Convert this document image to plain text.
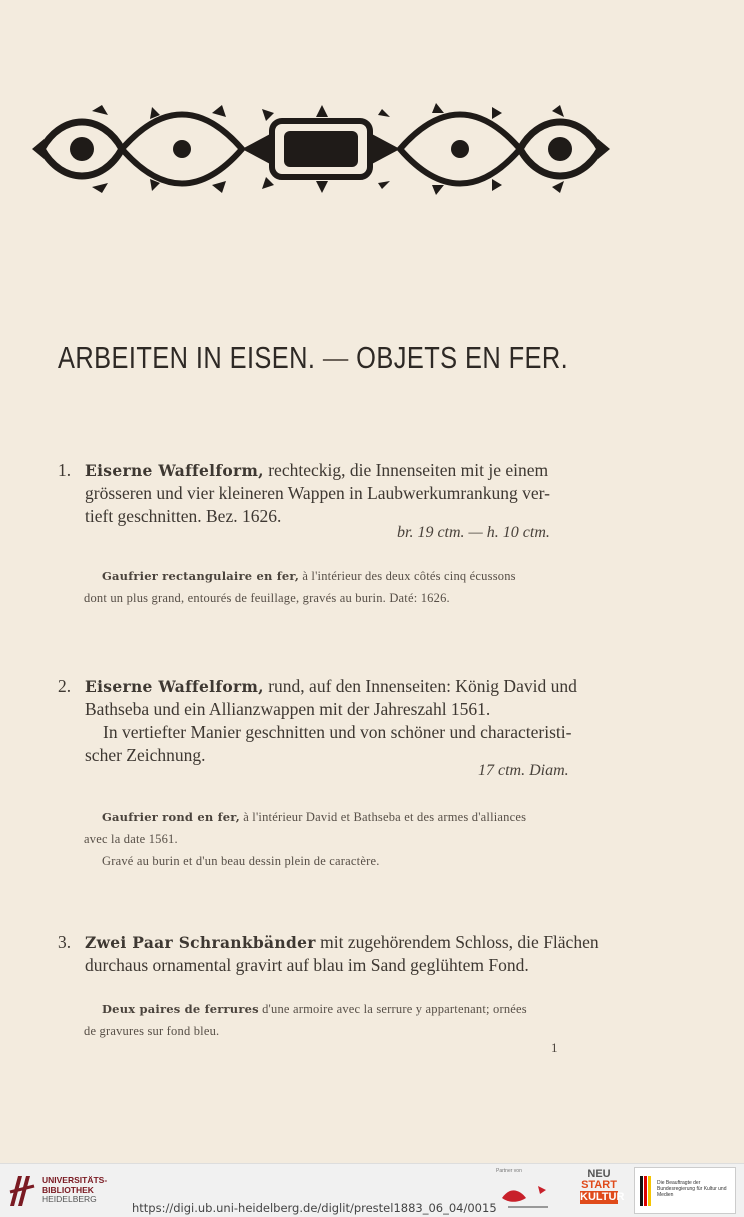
ARBEITEN IN EISEN. — OBJETS EN FER.
1. Eiserne Waffelform, rechteckig, die Innenseiten mit je einem
grösseren und vier kleineren Wappen in Laubwerkumrankung ver-
tieft geschnitten. Bez. 1626.
br. 19 ctm. — h. 10 ctm.
Gaufrier rectangulaire en fer, à l'intérieur des deux côtés cinq écussons
dont un plus grand, entourés de feuillage, gravés au burin. Daté: 1626.
2. Eiserne Waffelform, rund, auf den Innenseiten: König David und
Bathseba und ein Allianzwappen mit der Jahreszahl 1561.
In vertiefter Manier geschnitten und von schöner und characteristi-
scher Zeichnung.
17 ctm. Diam.
Gaufrier rond en fer, à l'intérieur David et Bathseba et des armes d'alliances
avec la date 1561.
Gravé au burin et d'un beau dessin plein de caractère.
3. Zwei Paar Schrankbänder mit zugehörendem Schloss, die Flächen
durchaus ornamental gravirt auf blau im Sand geglühtem Fond.
Deux paires de ferrures d'une armoire avec la serrure y appartenant; ornées
de gravures sur fond bleu.
1
UNIVERSITÄTS-
BIBLIOTHEK
HEIDELBERG
https://digi.ub.uni-heidelberg.de/diglit/prestel1883_06_04/0015
Partner von	NEU
START
KULTUR
Die Beauftragte der Bundesregierung für Kultur und Medien
